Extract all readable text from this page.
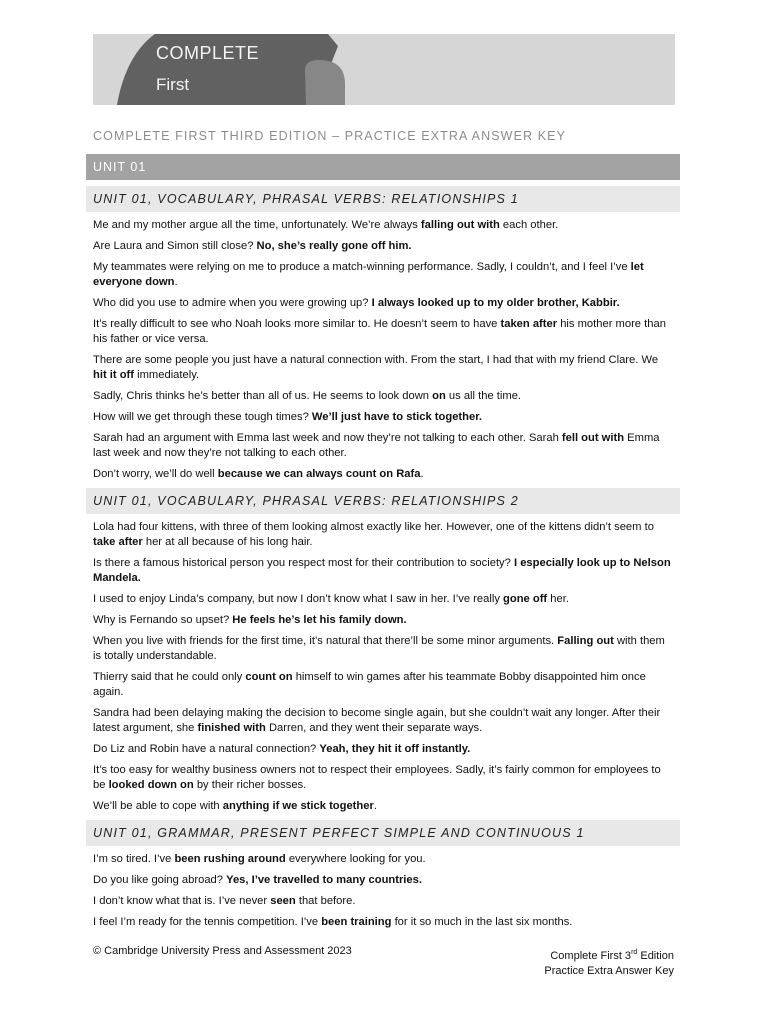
COMPLETE
First
COMPLETE FIRST THIRD EDITION – PRACTICE EXTRA ANSWER KEY
UNIT 01
UNIT 01, VOCABULARY, PHRASAL VERBS: RELATIONSHIPS 1
Me and my mother argue all the time, unfortunately. We’re always falling out with each other.
Are Laura and Simon still close? No, she’s really gone off him.
My teammates were relying on me to produce a match-winning performance. Sadly, I couldn’t, and I feel I’ve let everyone down.
Who did you use to admire when you were growing up? I always looked up to my older brother, Kabbir.
It’s really difficult to see who Noah looks more similar to. He doesn’t seem to have taken after his mother more than his father or vice versa.
There are some people you just have a natural connection with. From the start, I had that with my friend Clare. We hit it off immediately.
Sadly, Chris thinks he’s better than all of us. He seems to look down on us all the time.
How will we get through these tough times? We’ll just have to stick together.
Sarah had an argument with Emma last week and now they’re not talking to each other. Sarah fell out with Emma last week and now they’re not talking to each other.
Don’t worry, we’ll do well because we can always count on Rafa.
UNIT 01, VOCABULARY, PHRASAL VERBS: RELATIONSHIPS 2
Lola had four kittens, with three of them looking almost exactly like her. However, one of the kittens didn’t seem to take after her at all because of his long hair.
Is there a famous historical person you respect most for their contribution to society? I especially look up to Nelson Mandela.
I used to enjoy Linda’s company, but now I don’t know what I saw in her. I’ve really gone off her.
Why is Fernando so upset? He feels he’s let his family down.
When you live with friends for the first time, it’s natural that there’ll be some minor arguments. Falling out with them is totally understandable.
Thierry said that he could only count on himself to win games after his teammate Bobby disappointed him once again.
Sandra had been delaying making the decision to become single again, but she couldn’t wait any longer. After their latest argument, she finished with Darren, and they went their separate ways.
Do Liz and Robin have a natural connection? Yeah, they hit it off instantly.
It’s too easy for wealthy business owners not to respect their employees. Sadly, it’s fairly common for employees to be looked down on by their richer bosses.
We’ll be able to cope with anything if we stick together.
UNIT 01, GRAMMAR, PRESENT PERFECT SIMPLE AND CONTINUOUS 1
I’m so tired. I’ve been rushing around everywhere looking for you.
Do you like going abroad? Yes, I’ve travelled to many countries.
I don’t know what that is. I’ve never seen that before.
I feel I’m ready for the tennis competition. I’ve been training for it so much in the last six months.
© Cambridge University Press and Assessment 2023	Complete First 3rd Edition
Practice Extra Answer Key
